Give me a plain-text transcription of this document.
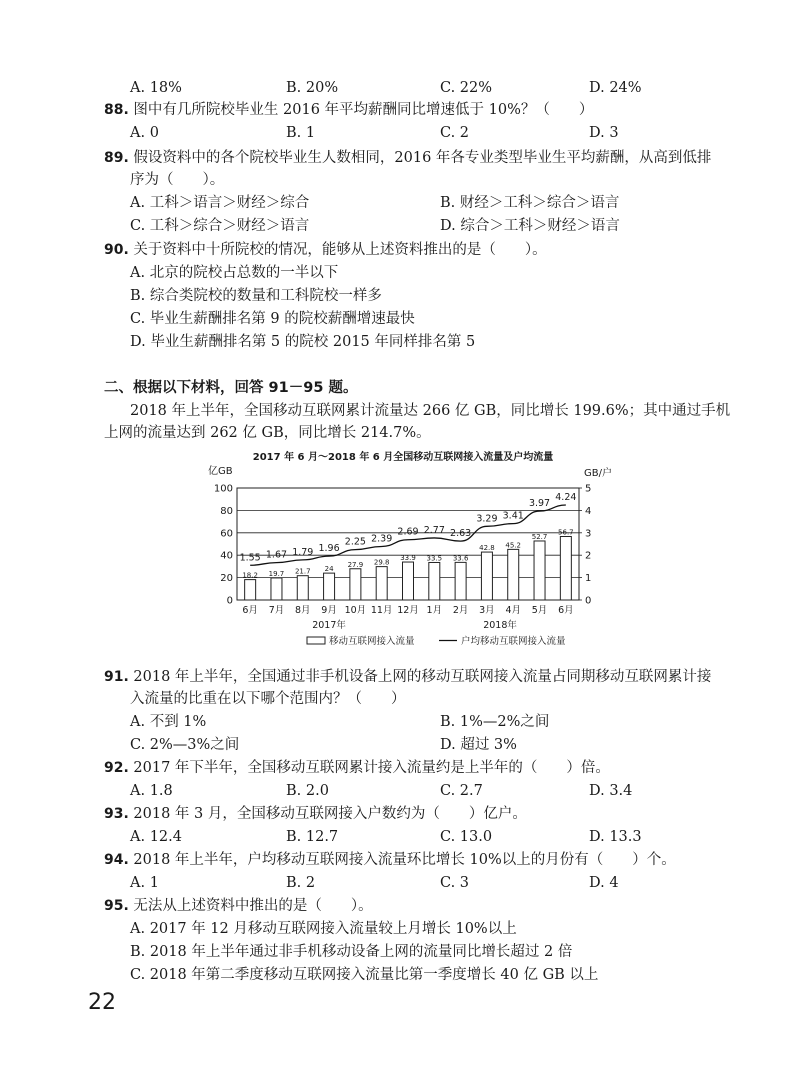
A. 18%	B. 20%	C. 22%	D. 24%
88. 图中有几所院校毕业生 2016 年平均薪酬同比增速低于 10%？（　　）
A. 0	B. 1	C. 2	D. 3
89. 假设资料中的各个院校毕业生人数相同，2016 年各专业类型毕业生平均薪酬，从高到低排
序为（　　）。
A. 工科＞语言＞财经＞综合	B. 财经＞工科＞综合＞语言
C. 工科＞综合＞财经＞语言	D. 综合＞工科＞财经＞语言
90. 关于资料中十所院校的情况，能够从上述资料推出的是（　　）。
A. 北京的院校占总数的一半以下
B. 综合类院校的数量和工科院校一样多
C. 毕业生薪酬排名第 9 的院校薪酬增速最快
D. 毕业生薪酬排名第 5 的院校 2015 年同样排名第 5
二、根据以下材料，回答 91－95 题。
2018 年上半年，全国移动互联网累计流量达 266 亿 GB，同比增长 199.6%；其中通过手机
上网的流量达到 262 亿 GB，同比增长 214.7%。
2017 年 6 月～2018 年 6 月全国移动互联网接入流量及户均流量
亿GB	GB/户
0
20
40
60
80
100
0
1
2
3
4
5
18.2 19.7 21.7 24
27.9 29.8
33.9 33.5 33.6
42.8 45.2
52.7
56.7
1.55 1.67 1.79 1.96
2.25 2.39
2.69 2.77 2.63
3.29 3.41
3.97
4.24
6月 7月 8月 9月 10月 11月 12月 1月 2月 3月 4月 5月 6月
2017年	2018年
移动互联网接入流量	户均移动互联网接入流量
91. 2018 年上半年，全国通过非手机设备上网的移动互联网接入流量占同期移动互联网累计接
入流量的比重在以下哪个范围内？（　　）
A. 不到 1%	B. 1%—2%之间
C. 2%—3%之间	D. 超过 3%
92. 2017 年下半年，全国移动互联网累计接入流量约是上半年的（　　）倍。
A. 1.8	B. 2.0	C. 2.7	D. 3.4
93. 2018 年 3 月，全国移动互联网接入户数约为（　　）亿户。
A. 12.4	B. 12.7	C. 13.0	D. 13.3
94. 2018 年上半年，户均移动互联网接入流量环比增长 10%以上的月份有（　　）个。
A. 1	B. 2	C. 3	D. 4
95. 无法从上述资料中推出的是（　　）。
A. 2017 年 12 月移动互联网接入流量较上月增长 10%以上
B. 2018 年上半年通过非手机移动设备上网的流量同比增长超过 2 倍
C. 2018 年第二季度移动互联网接入流量比第一季度增长 40 亿 GB 以上
22
